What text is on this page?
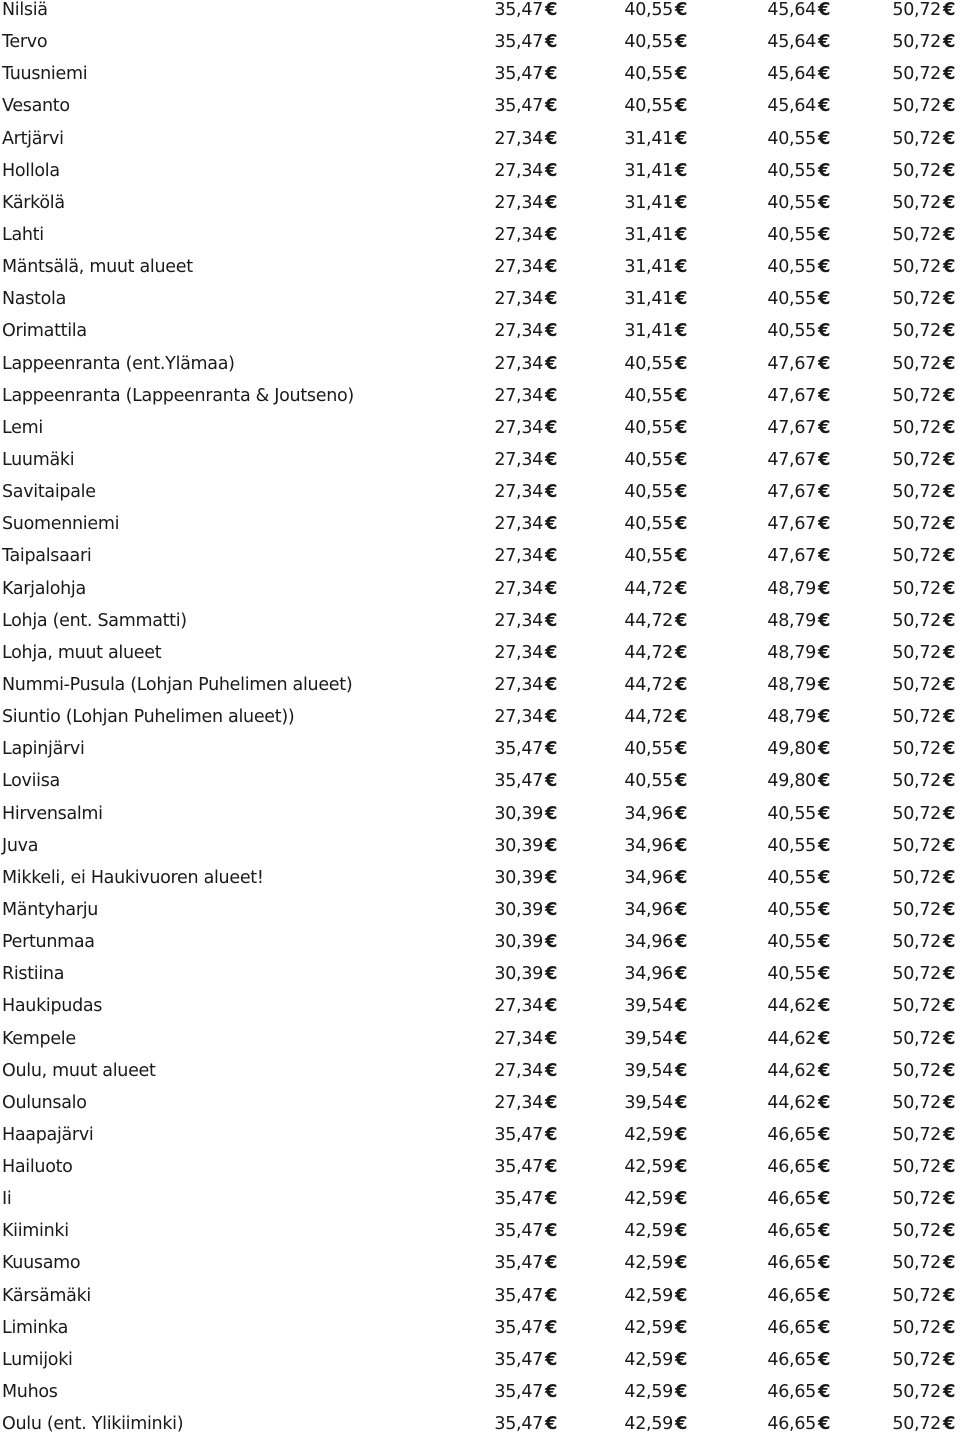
Nilsiä	35,47 €	40,55 €	45,64 €	50,72 €
Tervo	35,47 €	40,55 €	45,64 €	50,72 €
Tuusniemi	35,47 €	40,55 €	45,64 €	50,72 €
Vesanto	35,47 €	40,55 €	45,64 €	50,72 €
Artjärvi	27,34 €	31,41 €	40,55 €	50,72 €
Hollola	27,34 €	31,41 €	40,55 €	50,72 €
Kärkölä	27,34 €	31,41 €	40,55 €	50,72 €
Lahti	27,34 €	31,41 €	40,55 €	50,72 €
Mäntsälä, muut alueet	27,34 €	31,41 €	40,55 €	50,72 €
Nastola	27,34 €	31,41 €	40,55 €	50,72 €
Orimattila	27,34 €	31,41 €	40,55 €	50,72 €
Lappeenranta (ent.Ylämaa)	27,34 €	40,55 €	47,67 €	50,72 €
Lappeenranta (Lappeenranta & Joutseno)	27,34 €	40,55 €	47,67 €	50,72 €
Lemi	27,34 €	40,55 €	47,67 €	50,72 €
Luumäki	27,34 €	40,55 €	47,67 €	50,72 €
Savitaipale	27,34 €	40,55 €	47,67 €	50,72 €
Suomenniemi	27,34 €	40,55 €	47,67 €	50,72 €
Taipalsaari	27,34 €	40,55 €	47,67 €	50,72 €
Karjalohja	27,34 €	44,72 €	48,79 €	50,72 €
Lohja (ent. Sammatti)	27,34 €	44,72 €	48,79 €	50,72 €
Lohja, muut alueet	27,34 €	44,72 €	48,79 €	50,72 €
Nummi-Pusula (Lohjan Puhelimen alueet)	27,34 €	44,72 €	48,79 €	50,72 €
Siuntio (Lohjan Puhelimen alueet))	27,34 €	44,72 €	48,79 €	50,72 €
Lapinjärvi	35,47 €	40,55 €	49,80 €	50,72 €
Loviisa	35,47 €	40,55 €	49,80 €	50,72 €
Hirvensalmi	30,39 €	34,96 €	40,55 €	50,72 €
Juva	30,39 €	34,96 €	40,55 €	50,72 €
Mikkeli, ei Haukivuoren alueet!	30,39 €	34,96 €	40,55 €	50,72 €
Mäntyharju	30,39 €	34,96 €	40,55 €	50,72 €
Pertunmaa	30,39 €	34,96 €	40,55 €	50,72 €
Ristiina	30,39 €	34,96 €	40,55 €	50,72 €
Haukipudas	27,34 €	39,54 €	44,62 €	50,72 €
Kempele	27,34 €	39,54 €	44,62 €	50,72 €
Oulu, muut alueet	27,34 €	39,54 €	44,62 €	50,72 €
Oulunsalo	27,34 €	39,54 €	44,62 €	50,72 €
Haapajärvi	35,47 €	42,59 €	46,65 €	50,72 €
Hailuoto	35,47 €	42,59 €	46,65 €	50,72 €
Ii	35,47 €	42,59 €	46,65 €	50,72 €
Kiiminki	35,47 €	42,59 €	46,65 €	50,72 €
Kuusamo	35,47 €	42,59 €	46,65 €	50,72 €
Kärsämäki	35,47 €	42,59 €	46,65 €	50,72 €
Liminka	35,47 €	42,59 €	46,65 €	50,72 €
Lumijoki	35,47 €	42,59 €	46,65 €	50,72 €
Muhos	35,47 €	42,59 €	46,65 €	50,72 €
Oulu (ent. Ylikiiminki)	35,47 €	42,59 €	46,65 €	50,72 €
